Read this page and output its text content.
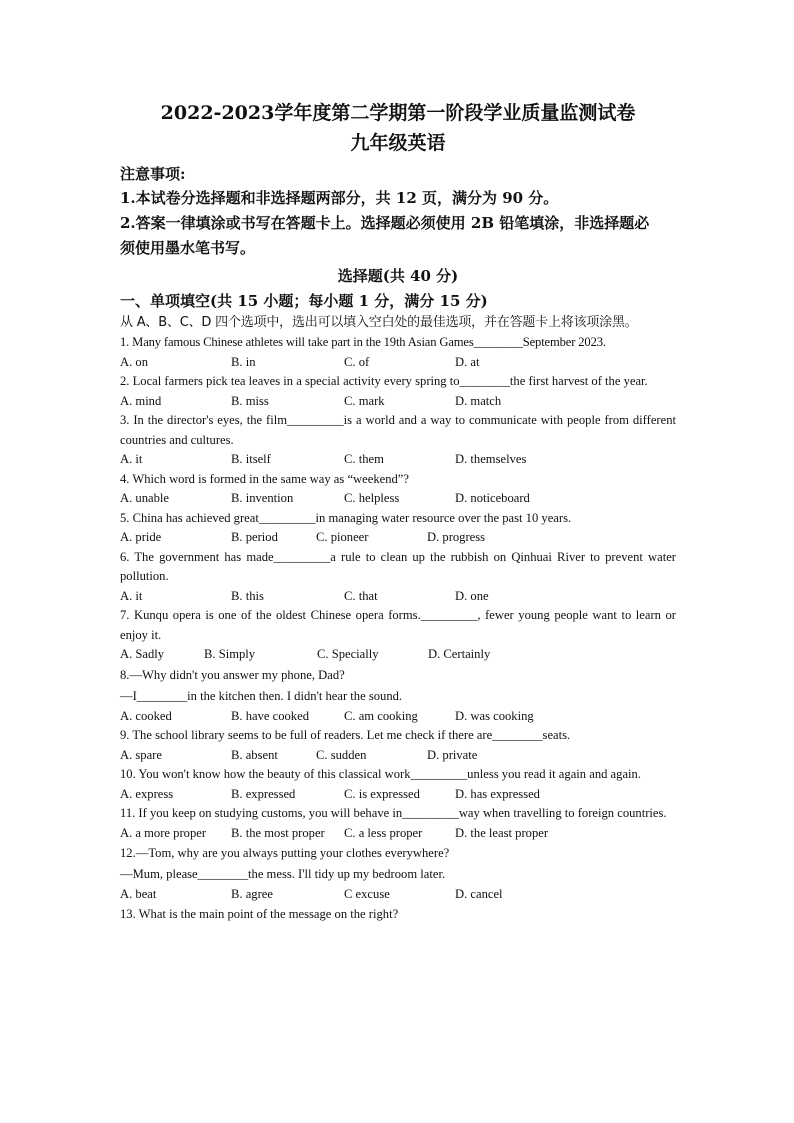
2022-2023学年度第二学期第一阶段学业质量监测试卷
九年级英语
注意事项:
1.本试卷分选择题和非选择题两部分，共 12 页，满分为 90 分。
2.答案一律填涂或书写在答题卡上。选择题必须使用 2B 铅笔填涂，非选择题必
须使用墨水笔书写。
选择题(共 40 分)
一、单项填空(共 15 小题；每小题 1 分，满分 15 分)
从 A、B、C、D 四个选项中，选出可以填入空白处的最佳选项，并在答题卡上将该项涂黑。
1. Many famous Chinese athletes will take part in the 19th Asian Games________September 2023.
A. on	B. in	C. of	D. at
2. Local farmers pick tea leaves in a special activity every spring to________the first harvest of the year.
A. mind	B. miss	C. mark	D. match
3. In the director's eyes, the film_________is a world and a way to communicate with people from different countries and cultures.
A. it	B. itself	C. them	D. themselves
4. Which word is formed in the same way as “weekend”?
A. unable	B. invention	C. helpless	D. noticeboard
5. China has achieved great_________in managing water resource over the past 10 years.
A. pride	B. period	C. pioneer	D. progress
6. The government has made_________a rule to clean up the rubbish on Qinhuai River to prevent water pollution.
A. it	B. this	C. that	D. one
7. Kunqu opera is one of the oldest Chinese opera forms._________, fewer young people want to learn or enjoy it.
A. Sadly	B. Simply	C. Specially	D. Certainly
8.—Why didn't you answer my phone, Dad?
—I________in the kitchen then. I didn't hear the sound.
A. cooked	B. have cooked	C. am cooking	D. was cooking
9. The school library seems to be full of readers. Let me check if there are________seats.
A. spare	B. absent	C. sudden	D. private
10. You won't know how the beauty of this classical work_________unless you read it again and again.
A. express	B. expressed	C. is expressed	D. has expressed
11. If you keep on studying customs, you will behave in_________way when travelling to foreign countries.
A. a more proper	B. the most proper	C. a less proper	D. the least proper
12.—Tom, why are you always putting your clothes everywhere?
—Mum, please________the mess. I'll tidy up my bedroom later.
A. beat	B. agree	C excuse	D. cancel
13. What is the main point of the message on the right?
